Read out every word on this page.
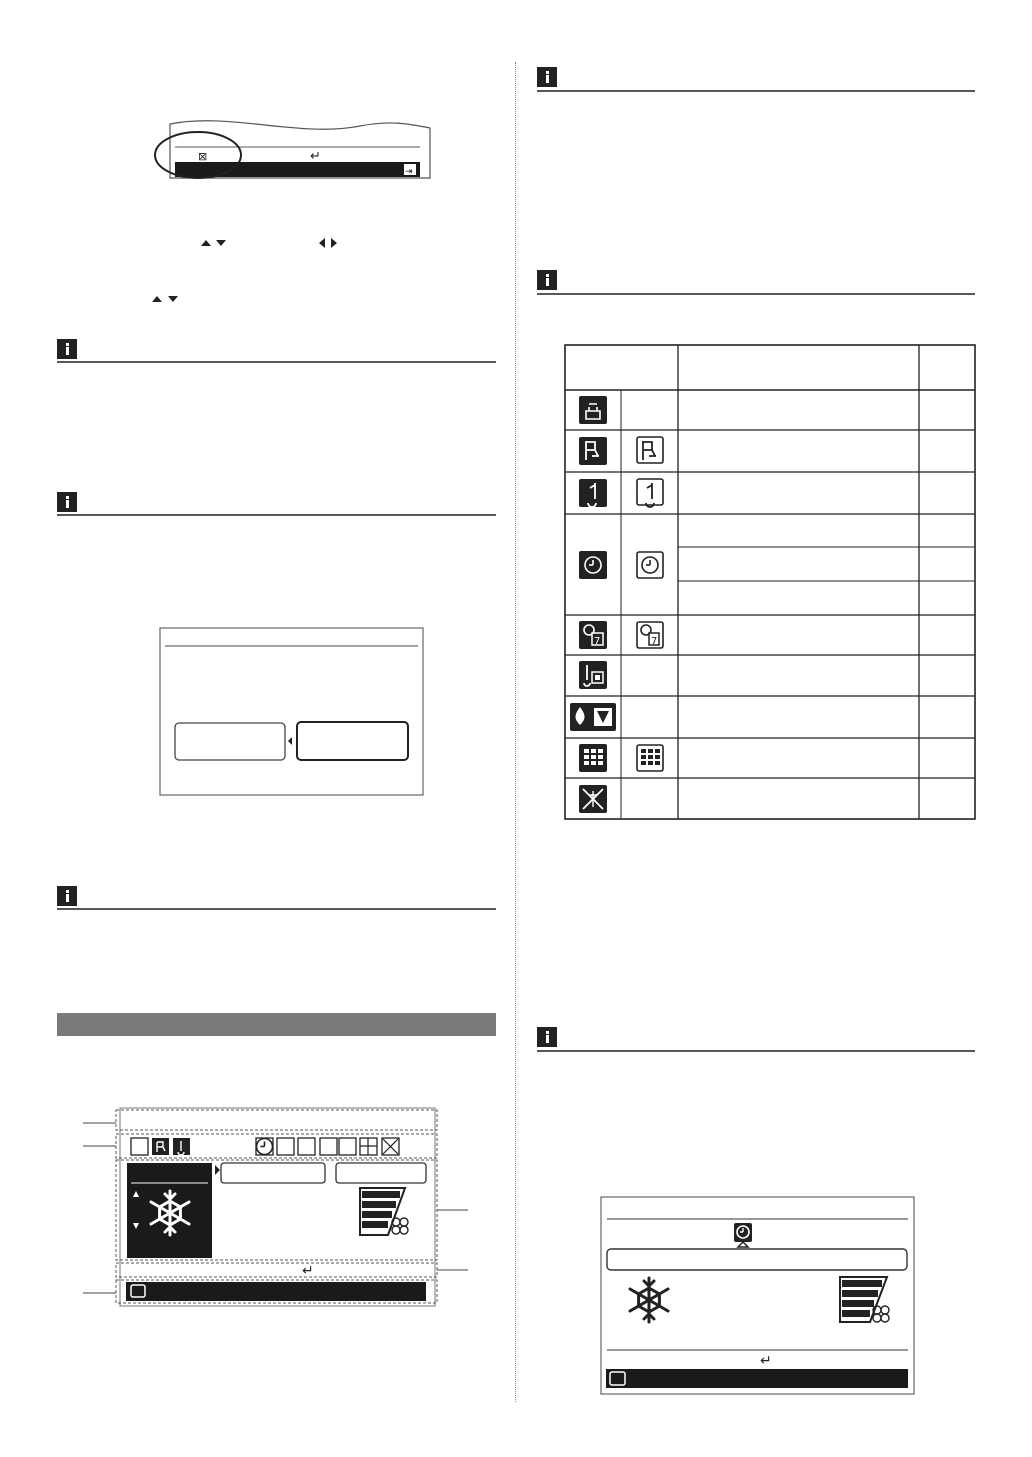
⊠	↵
⇥
↵
7	7
↵
